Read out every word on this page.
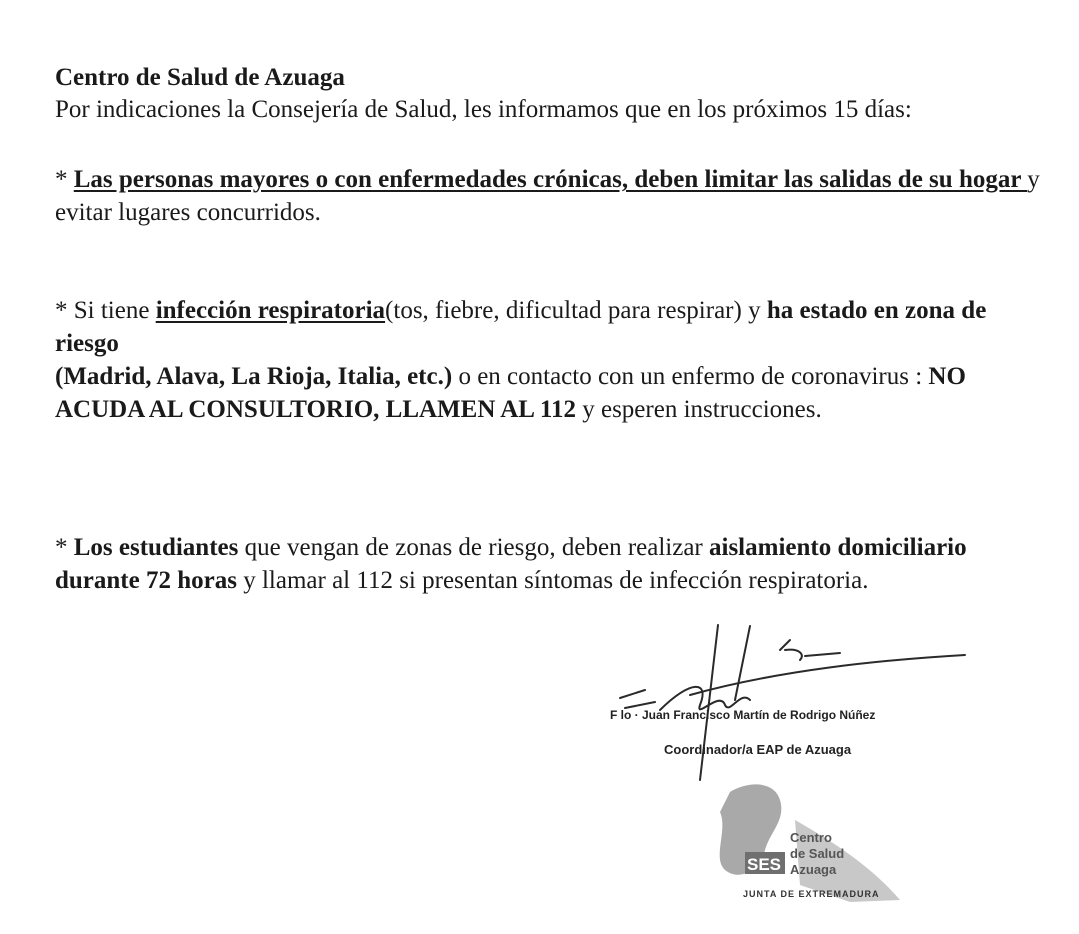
Centro de Salud de Azuaga
Por indicaciones la Consejería de Salud, les informamos que en los próximos 15 días:
* Las personas mayores o con enfermedades crónicas, deben limitar las salidas de su hogar y evitar lugares concurridos.
* Si tiene infección respiratoria(tos, fiebre, dificultad para respirar) y ha estado en zona de riesgo
(Madrid, Alava, La Rioja, Italia, etc.) o en contacto con un enfermo de coronavirus : NO ACUDA AL CONSULTORIO, LLAMEN AL 112 y esperen instrucciones.
* Los estudiantes que vengan de zonas de riesgo, deben realizar aislamiento domiciliario durante 72 horas y llamar al 112 si presentan síntomas de infección respiratoria.
SES
Centro
de Salud
Azuaga
JUNTA DE EXTREMADURA
F lo · Juan Francisco Martín de Rodrigo Núñez
Coordinador/a EAP de Azuaga
